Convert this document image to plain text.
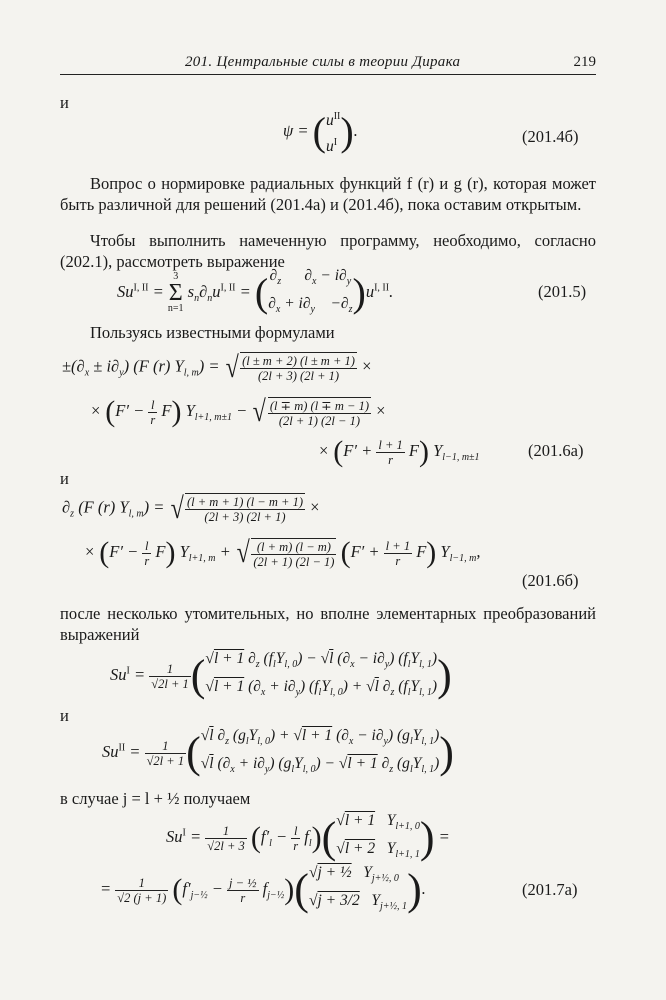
201. Центральные силы в теории Дирака	219
и
ψ = ( $u^{II}$
$u^I$ ).	(201.4б)
Вопрос о нормировке радиальных функций f (r) и g (r), которая может быть различной для решений (201.4а) и (201.4б), пока оставим открытым.
Чтобы выполнить намеченную программу, необходимо, согласно (202.1), рассмотреть выражение
$Su^{I, II}$ =
3
Σ
n=1
$s_n\partial_nu^{I, II}$ = ( $\partial_z$      $\partial_x - i\partial_y$
$\partial_x + i\partial_y$    $-\partial_z$ )$u^{I, II}$.	(201.5)
Пользуясь известными формулами
$\pm(\partial_x \pm i\partial_y)$ (F (r) $Y_{l, m}$) = √ $\frac{(l \pm m + 2) (l \pm m + 1)}{(2l + 3) (2l + 1)}$ ×
× $(F' - \frac{l}{r} F)$ $Y_{l+1, m\pm 1}$ − √ $\frac{(l \mp m) (l \mp m - 1)}{(2l + 1) (2l - 1)}$ ×
× $(F' + \frac{l + 1}{r} F)$ $Y_{l-1, m\pm 1}$	(201.6а)
и
$\partial_z$ (F (r) $Y_{l, m}$) = √ $\frac{(l + m + 1) (l - m + 1)}{(2l + 3) (2l + 1)}$ ×
× $(F' - \frac{l}{r} F)$ $Y_{l+1, m}$ + √ $\frac{(l + m) (l - m)}{(2l + 1) (2l - 1)} (F' + \frac{l + 1}{r} F)$ $Y_{l-1, m}$,
(201.6б)
после несколько утомительных, но вполне элементарных преобразований выражений
$Su^I = \frac{1}{√2l + 1}$ ( √l + 1 $\partial_z$ $(f_lY_{l, 0}) - √l$ $(\partial_x - i\partial_y)$ $(f_lY_{l, 1})$
√l + 1 $(\partial_x + i\partial_y) (f_lY_{l, 0}) + √l$ $\partial_z$ $(f_lY_{l, 1})$ )
и
$Su^{II} = \frac{1}{√2l + 1}$ ( √l $\partial_z$ $(g_lY_{l, 0}) + √l + 1$ $(\partial_x - i\partial_y)$ $(g_lY_{l, 1})$
√l $(\partial_x + i\partial_y) (g_lY_{l, 0}) - √l + 1$ $\partial_z$ $(g_lY_{l, 1})$ )
в случае j = l + ½ получаем
$Su^I = \frac{1}{√2l + 3} (f'_l - \frac{l}{r} f_l)$( √l + 1   $Y_{l+1, 0}$
√l + 2   $Y_{l+1, 1}$ ) =
= $\frac{1}{√2 (j + 1)} (f'_{j-\frac{1}{2}} - \frac{\text{j − ½}}{r} f_{j-\frac{1}{2}})$( √j + ½   $Y_{j+\frac{1}{2}, 0}$
√j + 3/2   $Y_{j+\frac{1}{2}, 1}$ ).	(201.7а)
